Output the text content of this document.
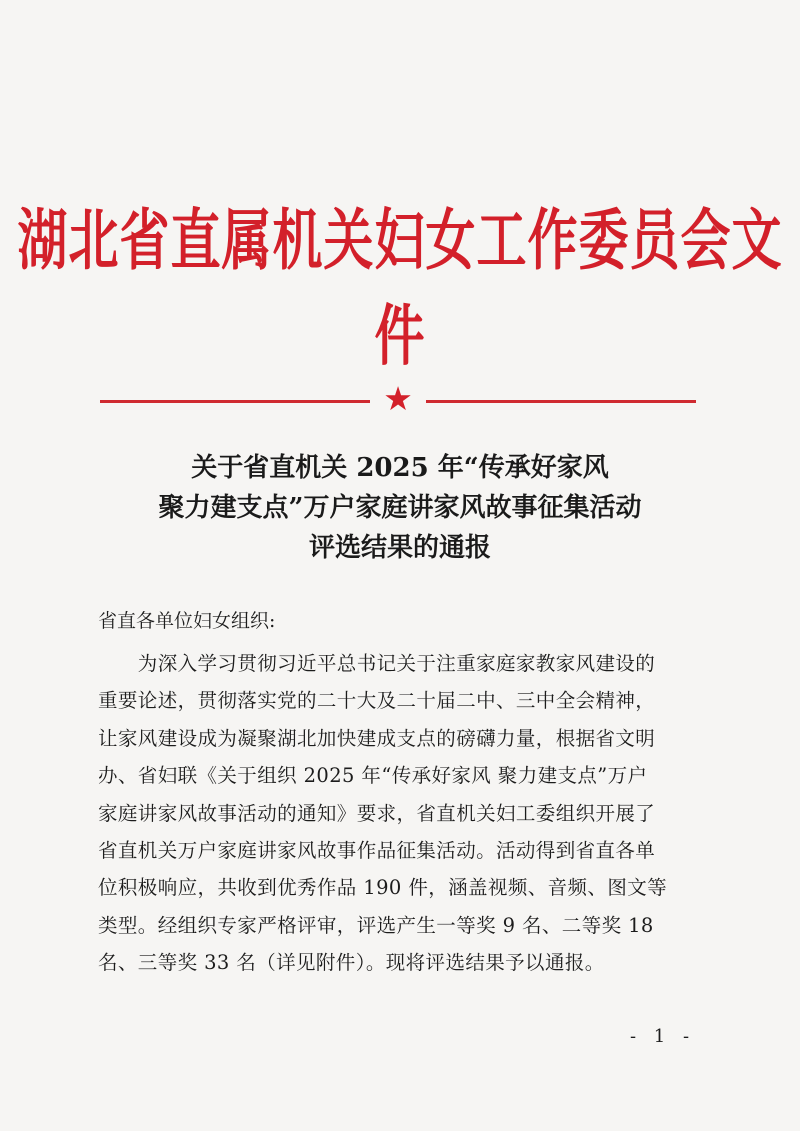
湖北省直属机关妇女工作委员会文件
★
关于省直机关 2025 年“传承好家风
聚力建支点”万户家庭讲家风故事征集活动
评选结果的通报
省直各单位妇女组织:
　　为深入学习贯彻习近平总书记关于注重家庭家教家风建设的
重要论述，贯彻落实党的二十大及二十届二中、三中全会精神，
让家风建设成为凝聚湖北加快建成支点的磅礴力量，根据省文明
办、省妇联《关于组织 2025 年“传承好家风 聚力建支点”万户
家庭讲家风故事活动的通知》要求，省直机关妇工委组织开展了
省直机关万户家庭讲家风故事作品征集活动。活动得到省直各单
位积极响应，共收到优秀作品 190 件，涵盖视频、音频、图文等
类型。经组织专家严格评审，评选产生一等奖 9 名、二等奖 18
名、三等奖 33 名（详见附件）。现将评选结果予以通报。
- 1 -
